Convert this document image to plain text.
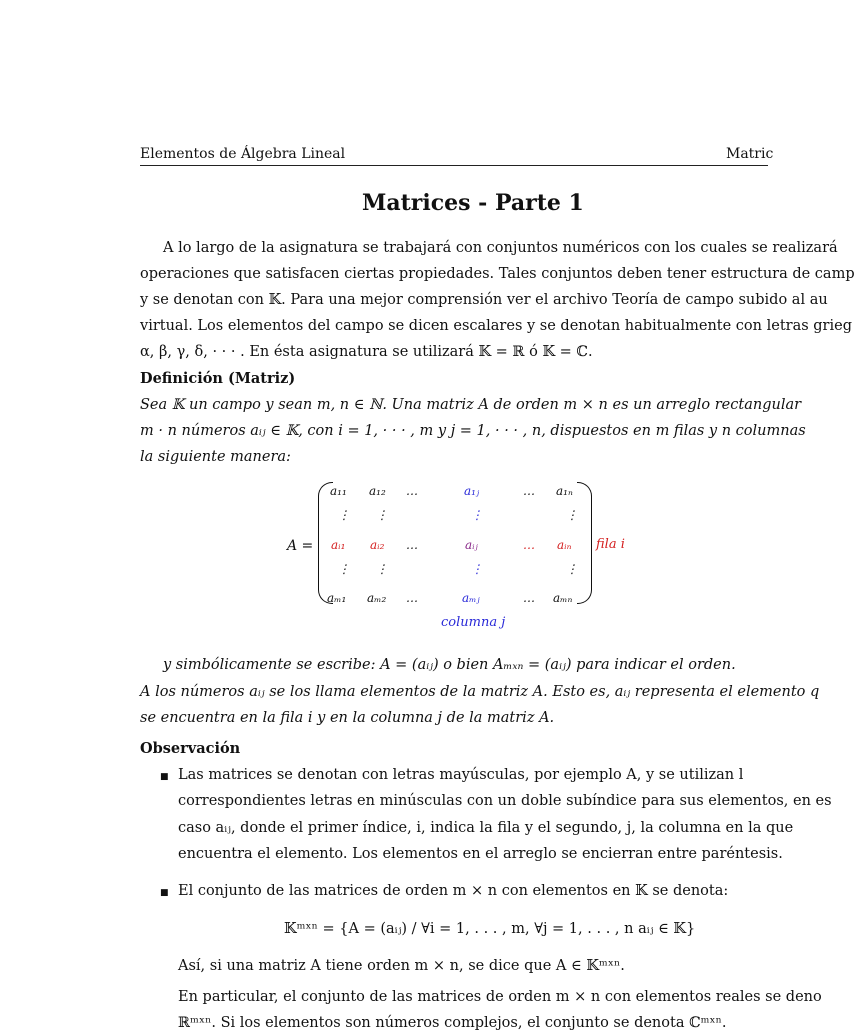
Elementos de Álgebra Lineal	Matric
Matrices - Parte 1
A lo largo de la asignatura se trabajará con conjuntos numéricos con los cuales se realizará
operaciones que satisfacen ciertas propiedades. Tales conjuntos deben tener estructura de camp
y se denotan con 𝕂. Para una mejor comprensión ver el archivo Teoría de campo subido al au
virtual. Los elementos del campo se dicen escalares y se denotan habitualmente con letras grieg
α, β, γ, δ, · · · . En ésta asignatura se utilizará 𝕂 = ℝ ó 𝕂 = ℂ.
Definición (Matriz)
Sea 𝕂 un campo y sean m, n ∈ ℕ. Una matriz A de orden m × n es un arreglo rectangular
m · n números aᵢⱼ ∈ 𝕂, con i = 1, · · · , m y j = 1, · · · , n, dispuestos en m filas y n columnas
la siguiente manera:
A =
a₁₁ a₁₂ …	a₁ⱼ	… a₁ₙ
⋮ ⋮	⋮	⋮
aᵢ₁ aᵢ₂ …	aᵢⱼ	… aᵢₙ fila i
⋮ ⋮	⋮	⋮
aₘ₁ aₘ₂ …	aₘⱼ	… aₘₙ
columna j
y simbólicamente se escribe: A = (aᵢⱼ) o bien Aₘₓₙ = (aᵢⱼ) para indicar el orden.
A los números aᵢⱼ se los llama elementos de la matriz A. Esto es, aᵢⱼ representa el elemento q
se encuentra en la fila i y en la columna j de la matriz A.
Observación
■ Las matrices se denotan con letras mayúsculas, por ejemplo A, y se utilizan l
correspondientes letras en minúsculas con un doble subíndice para sus elementos, en es
caso aᵢⱼ, donde el primer índice, i, indica la fila y el segundo, j, la columna en la que
encuentra el elemento. Los elementos en el arreglo se encierran entre paréntesis.
■ El conjunto de las matrices de orden m × n con elementos en 𝕂 se denota:
𝕂ᵐˣⁿ = {A = (aᵢⱼ) / ∀i = 1, . . . , m, ∀j = 1, . . . , n aᵢⱼ ∈ 𝕂}
Así, si una matriz A tiene orden m × n, se dice que A ∈ 𝕂ᵐˣⁿ.
En particular, el conjunto de las matrices de orden m × n con elementos reales se deno
ℝᵐˣⁿ. Si los elementos son números complejos, el conjunto se denota ℂᵐˣⁿ.
